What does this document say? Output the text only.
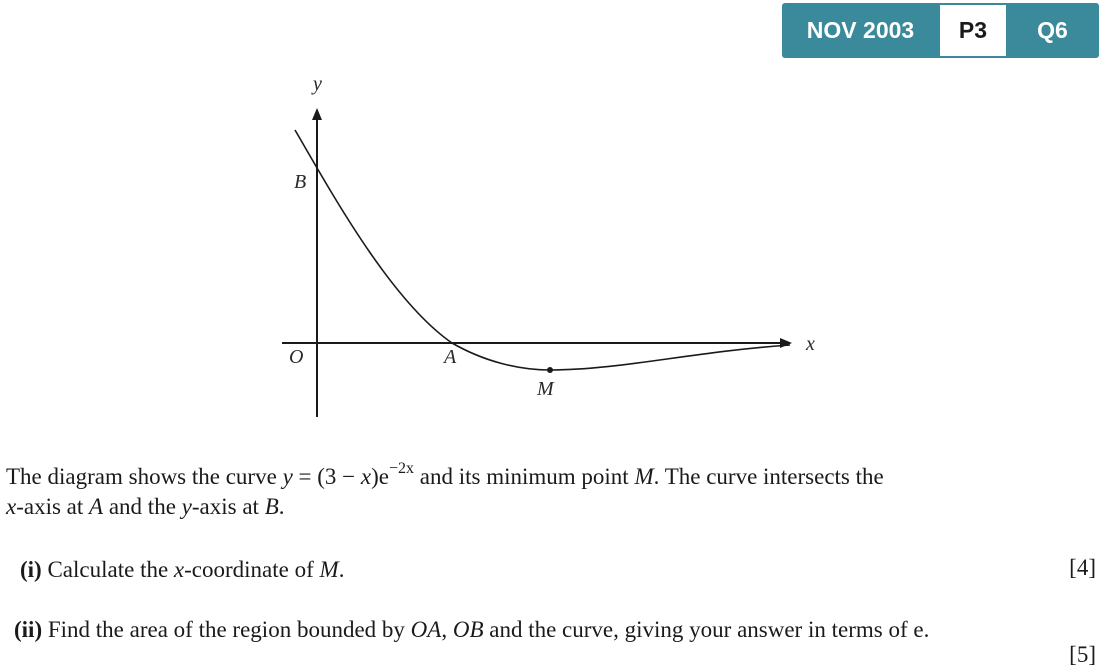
NOV 2003	P3	Q6
y
x
O	A
B
M
The diagram shows the curve $y = (3 - x)e^{-2x}$ and its minimum point M. The curve intersects the
x-axis at A and the y-axis at B.
(i) Calculate the x-coordinate of M.	[4]
(ii) Find the area of the region bounded by OA, OB and the curve, giving your answer in terms of e.
[5]
